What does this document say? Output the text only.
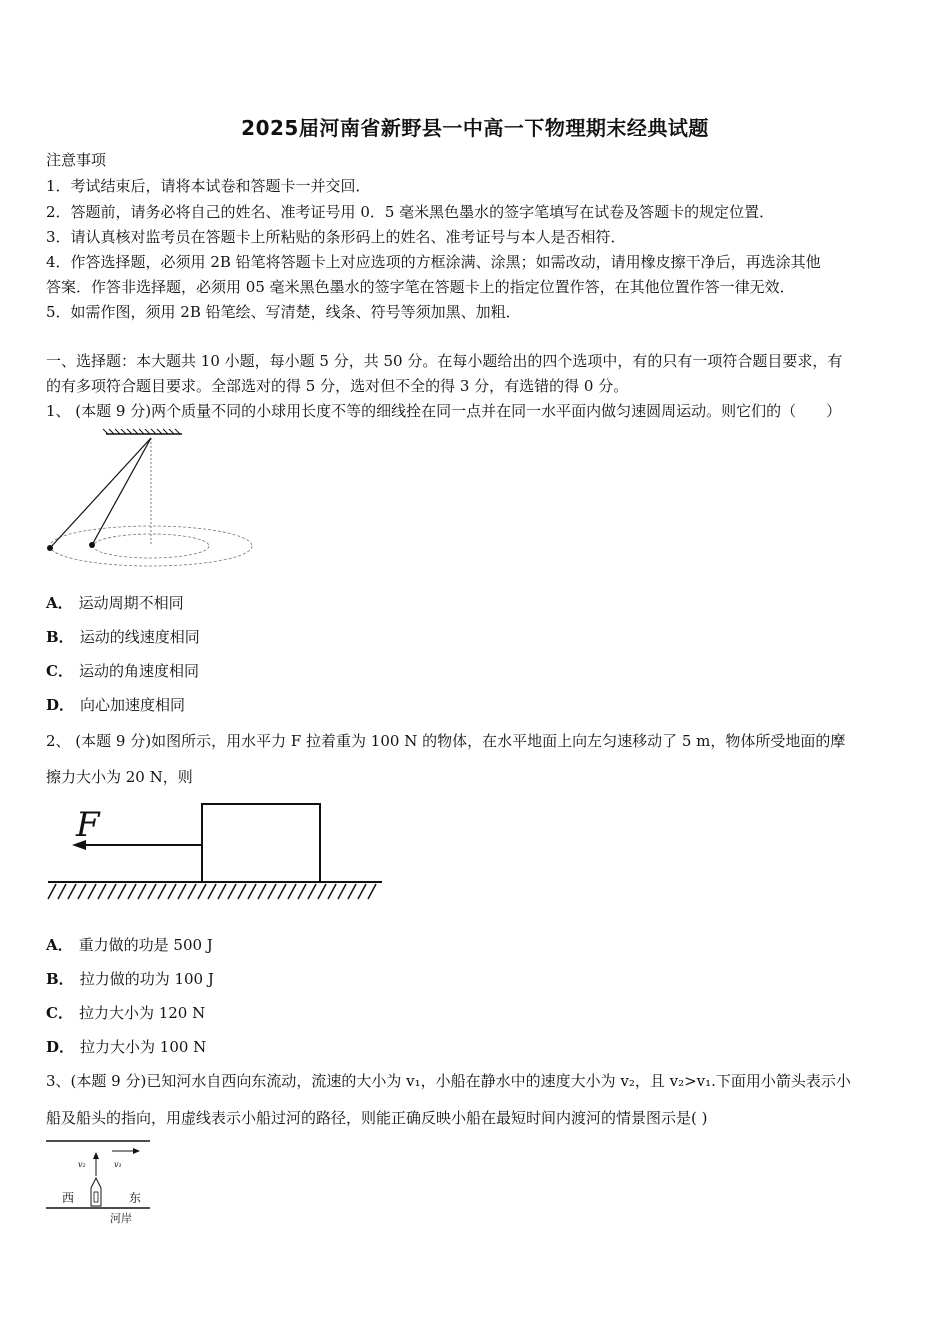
2025届河南省新野县一中高一下物理期末经典试题
注意事项
1．考试结束后，请将本试卷和答题卡一并交回．
2．答题前，请务必将自己的姓名、准考证号用 0．5 毫米黑色墨水的签字笔填写在试卷及答题卡的规定位置．
3．请认真核对监考员在答题卡上所粘贴的条形码上的姓名、准考证号与本人是否相符．
4．作答选择题，必须用 2B 铅笔将答题卡上对应选项的方框涂满、涂黑；如需改动，请用橡皮擦干净后，再选涂其他
答案．作答非选择题，必须用 05 毫米黑色墨水的签字笔在答题卡上的指定位置作答，在其他位置作答一律无效．
5．如需作图，须用 2B 铅笔绘、写清楚，线条、符号等须加黑、加粗．
一、选择题：本大题共 10 小题，每小题 5 分，共 50 分。在每小题给出的四个选项中，有的只有一项符合题目要求，有
的有多项符合题目要求。全部选对的得 5 分，选对但不全的得 3 分，有选错的得 0 分。
1、 (本题 9 分)两个质量不同的小球用长度不等的细线拴在同一点并在同一水平面内做匀速圆周运动。则它们的（　　）
A． 运动周期不相同
B． 运动的线速度相同
C． 运动的角速度相同
D． 向心加速度相同
2、 (本题 9 分)如图所示，用水平力 F 拉着重为 100 N 的物体，在水平地面上向左匀速移动了 5 m，物体所受地面的摩
擦力大小为 20 N，则
F
A． 重力做的功是 500 J
B． 拉力做的功为 100 J
C． 拉力大小为 120 N
D． 拉力大小为 100 N
3、(本题 9 分)已知河水自西向东流动，流速的大小为 v₁，小船在静水中的速度大小为 v₂，且 v₂>v₁.下面用小箭头表示小
船及船头的指向，用虚线表示小船过河的路径，则能正确反映小船在最短时间内渡河的情景图示是( )
v₂	v₁
西	东
河岸
